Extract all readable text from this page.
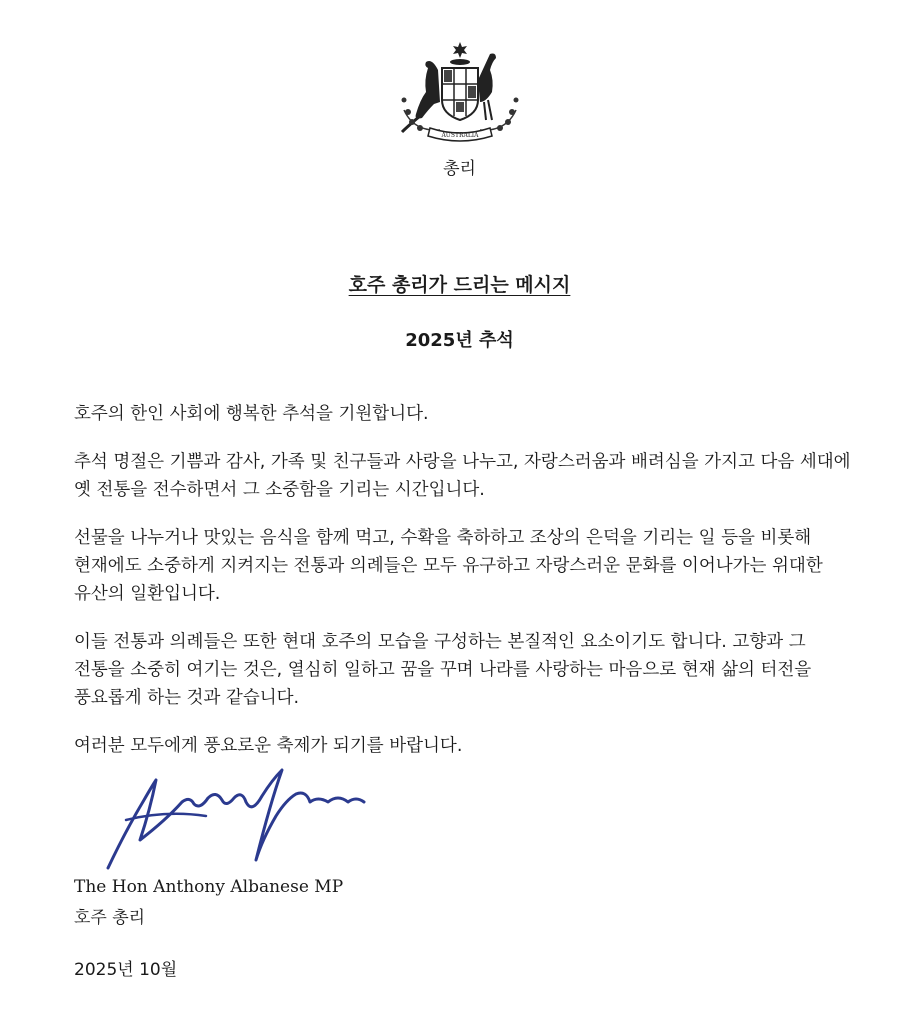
AUSTRALIA
총리
호주 총리가 드리는 메시지
2025년 추석

호주의 한인 사회에 행복한 추석을 기원합니다.

추석 명절은 기쁨과 감사, 가족 및 친구들과 사랑을 나누고, 자랑스러움과 배려심을 가지고 다음 세대에
옛 전통을 전수하면서 그 소중함을 기리는 시간입니다.

선물을 나누거나 맛있는 음식을 함께 먹고, 수확을 축하하고 조상의 은덕을 기리는 일 등을 비롯해
현재에도 소중하게 지켜지는 전통과 의례들은 모두 유구하고 자랑스러운 문화를 이어나가는 위대한
유산의 일환입니다.

이들 전통과 의례들은 또한 현대 호주의 모습을 구성하는 본질적인 요소이기도 합니다. 고향과 그
전통을 소중히 여기는 것은, 열심히 일하고 꿈을 꾸며 나라를 사랑하는 마음으로 현재 삶의 터전을
풍요롭게 하는 것과 같습니다.

여러분 모두에게 풍요로운 축제가 되기를 바랍니다.

The Hon Anthony Albanese MP
호주 총리
2025년 10월
